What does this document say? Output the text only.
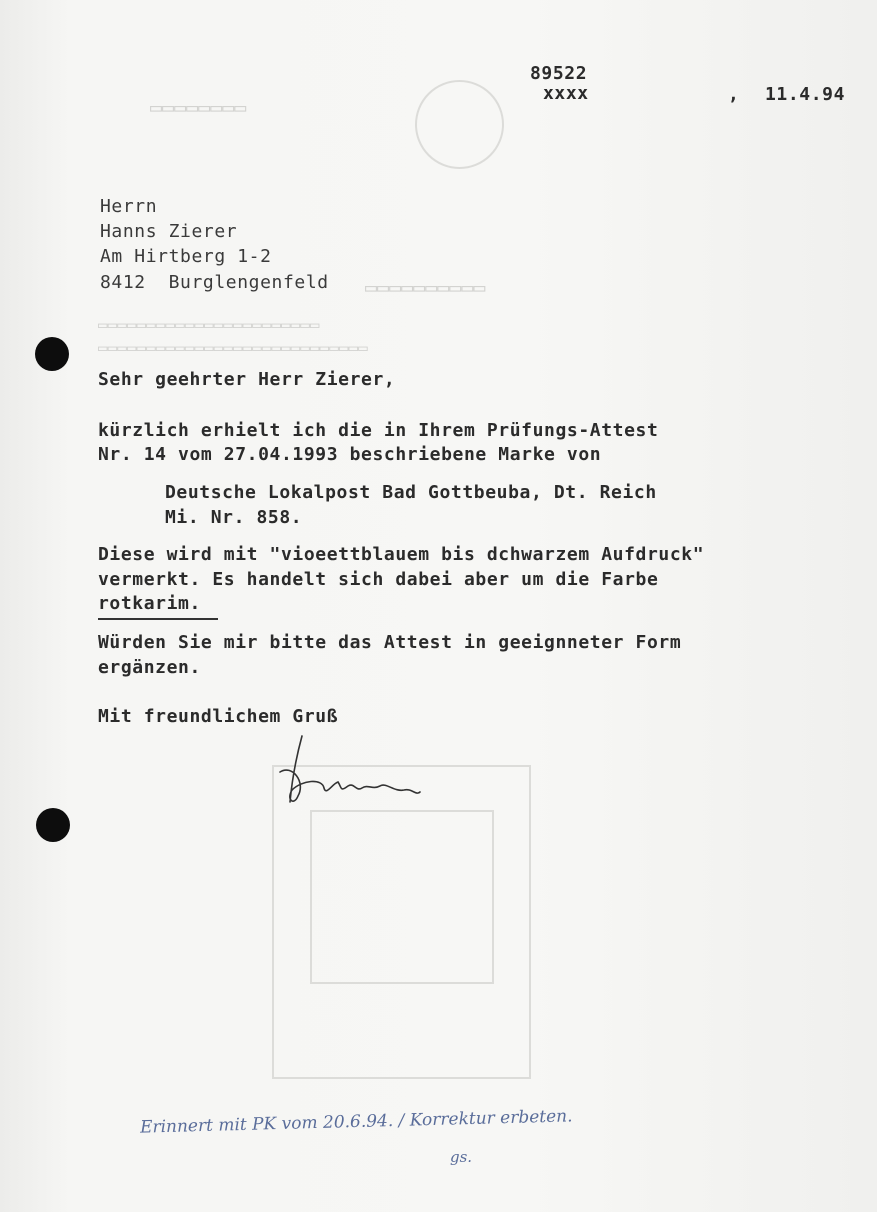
▭▭▭▭▭▭▭▭
▭▭▭▭▭▭▭▭▭▭
▭▭▭▭▭▭▭▭▭▭▭▭▭▭▭▭▭▭▭▭▭▭▭
▭▭▭▭▭▭▭▭▭▭▭▭▭▭▭▭▭▭▭▭▭▭▭▭▭▭▭▭
89522
xxxx	, 11.4.94
Herrn
Hanns Zierer
Am Hirtberg 1-2
8412  Burglengenfeld
Sehr geehrter Herr Zierer,
kürzlich erhielt ich die in Ihrem Prüfungs-Attest
Nr. 14 vom 27.04.1993 beschriebene Marke von
Deutsche Lokalpost Bad Gottbeuba, Dt. Reich
Mi. Nr. 858.
Diese wird mit "vioeettblauem bis dchwarzem Aufdruck"
vermerkt. Es handelt sich dabei aber um die Farbe
rotkarim.
Würden Sie mir bitte das Attest in geeignneter Form
ergänzen.
Mit freundlichem Gruß
Erinnert mit PK vom 20.6.94. / Korrektur erbeten.
gs.
